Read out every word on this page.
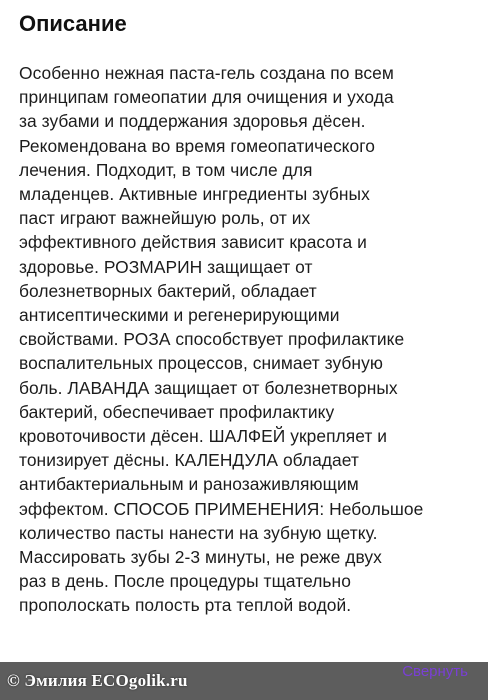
Описание

Особенно нежная паста-гель создана по всем
принципам гомеопатии для очищения и ухода
за зубами и поддержания здоровья дёсен.
Рекомендована во время гомеопатического
лечения. Подходит, в том числе для
младенцев. Активные ингредиенты зубных
паст играют важнейшую роль, от их
эффективного действия зависит красота и
здоровье. РОЗМАРИН защищает от
болезнетворных бактерий, обладает
антисептическими и регенерирующими
свойствами. РОЗА способствует профилактике
воспалительных процессов, снимает зубную
боль. ЛАВАНДА защищает от болезнетворных
бактерий, обеспечивает профилактику
кровоточивости дёсен. ШАЛФЕЙ укрепляет и
тонизирует дёсны. КАЛЕНДУЛА обладает
антибактериальным и ранозаживляющим
эффектом. СПОСОБ ПРИМЕНЕНИЯ: Небольшое
количество пасты нанести на зубную щетку.
Массировать зубы 2-3 минуты, не реже двух
раз в день. После процедуры тщательно
прополоскать полость рта теплой водой.

© Эмилия ECOgolik.ru	Свернуть
